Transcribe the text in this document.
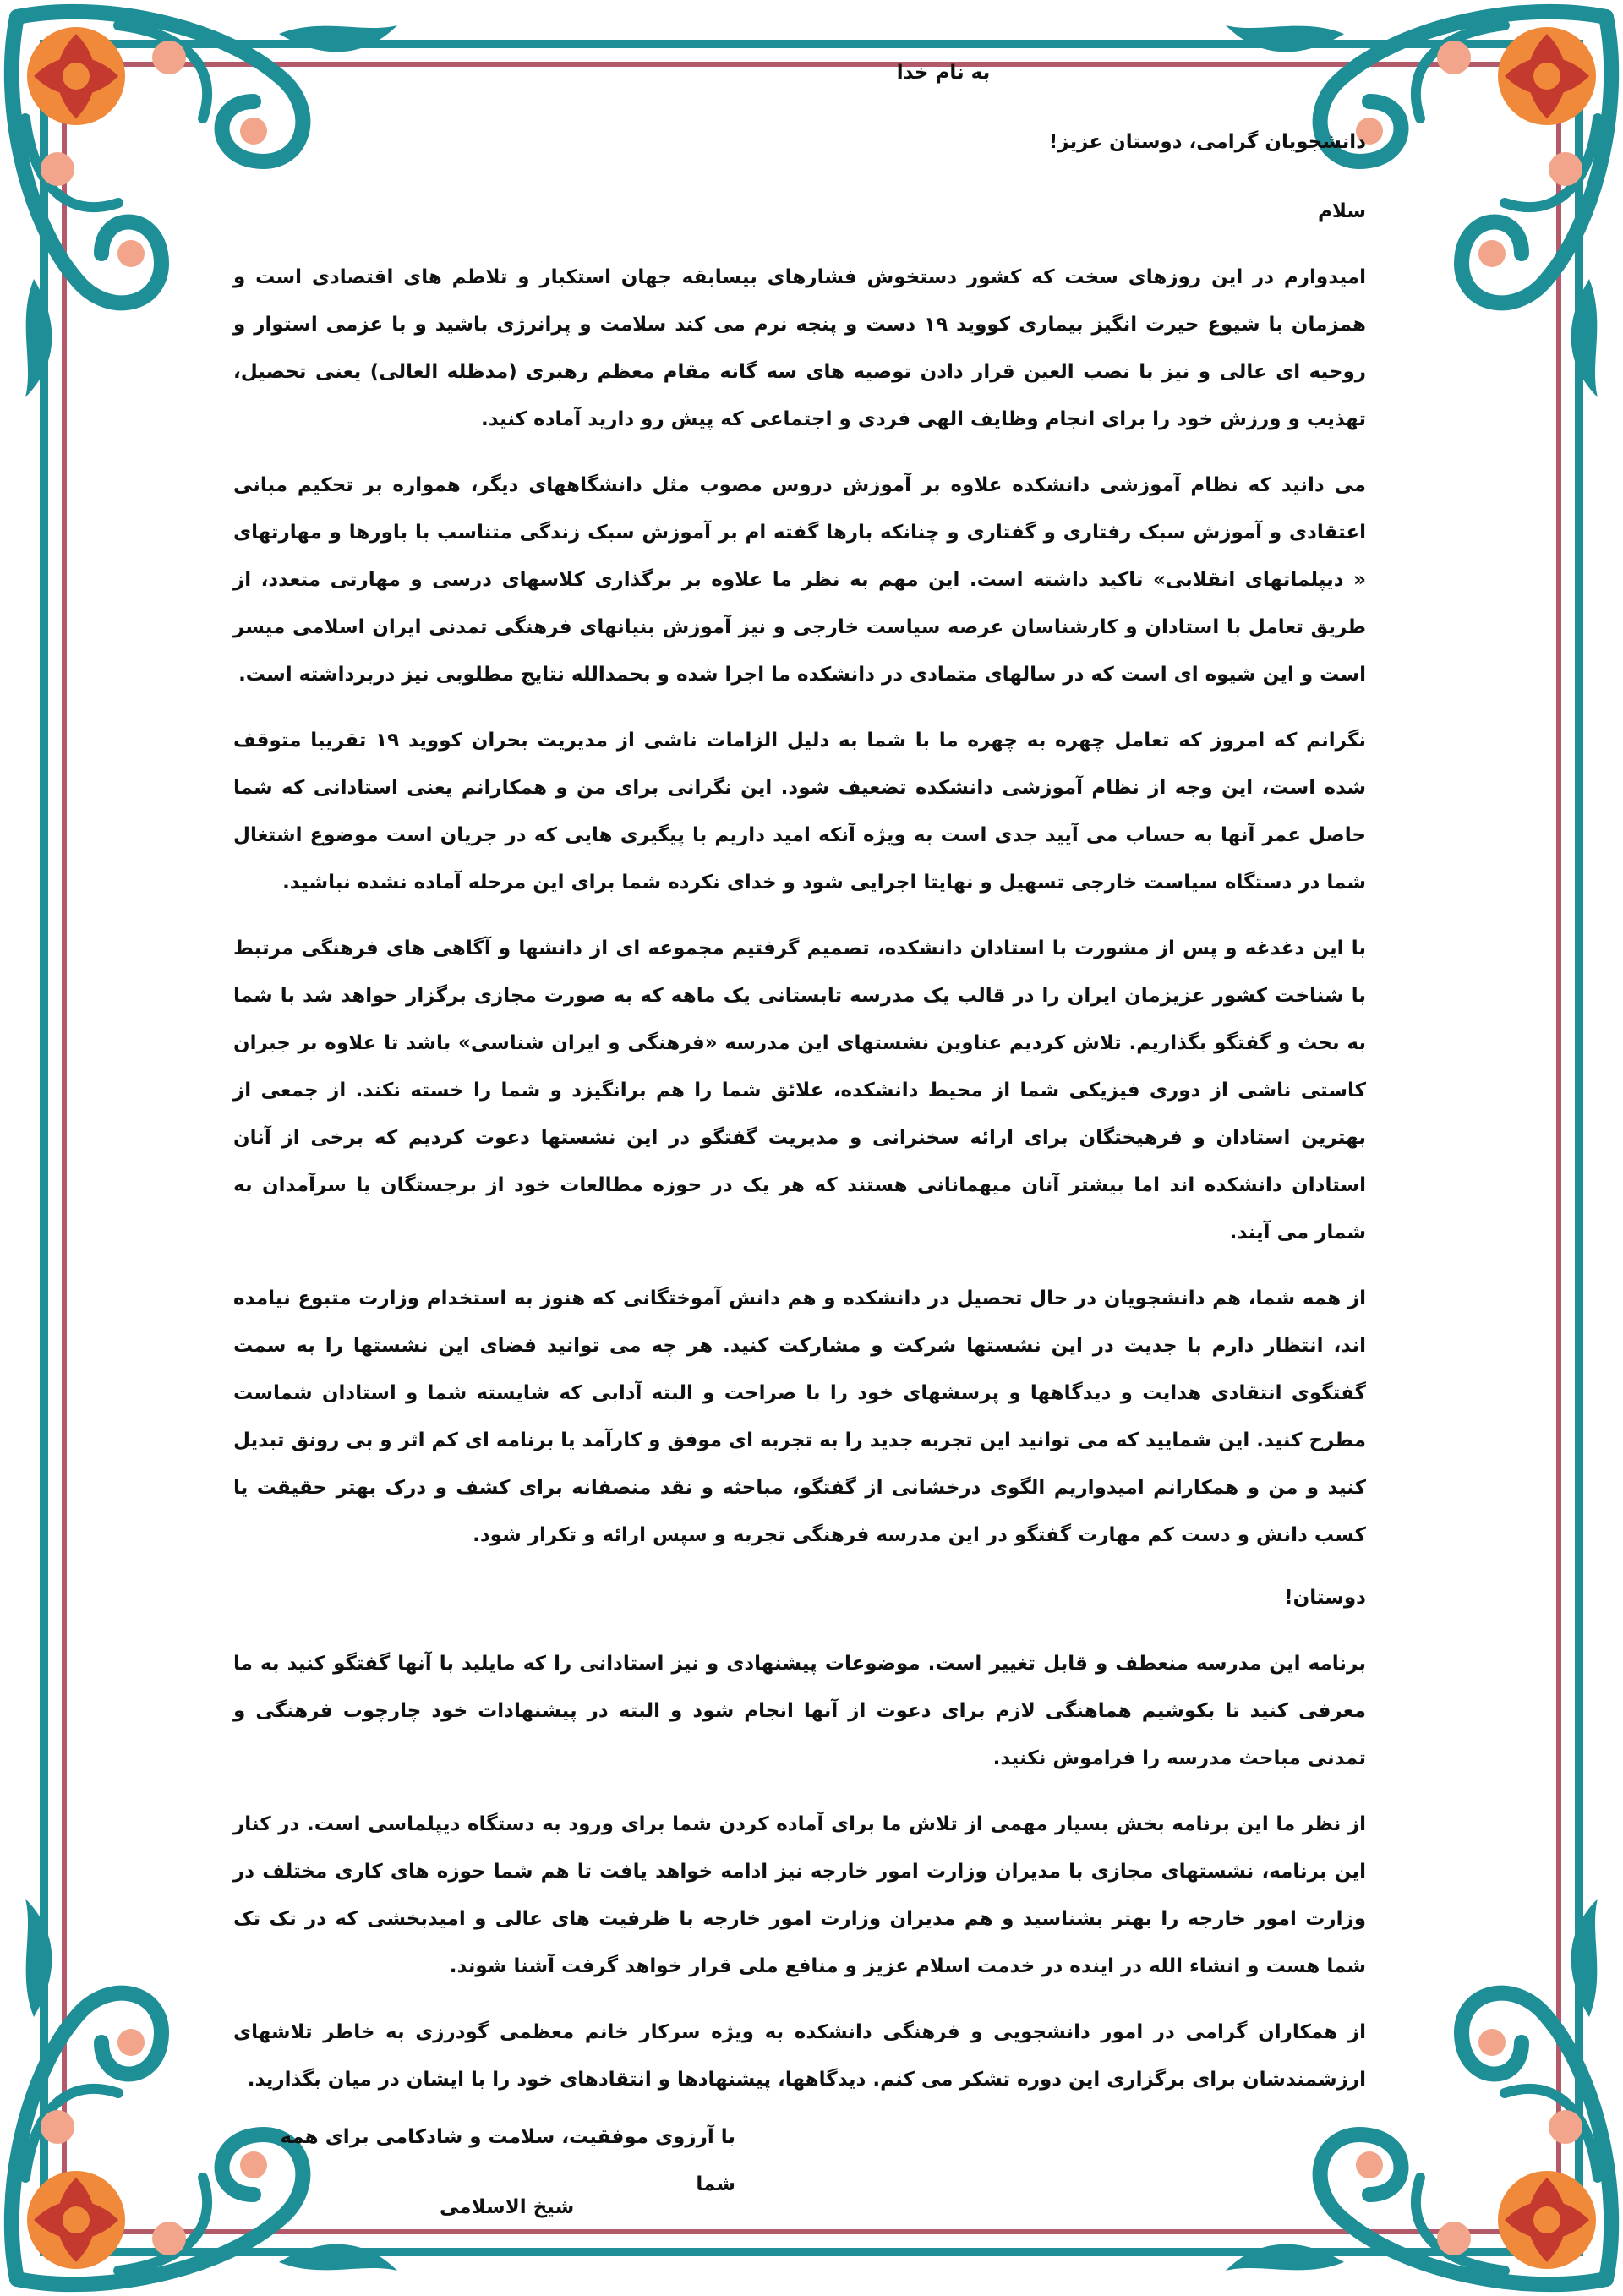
به نام خدا

دانشجویان گرامی، دوستان عزیز!

سلام

امیدوارم در این روزهای سخت که کشور دستخوش فشارهای بیسابقه جهان استکبار و تلاطم های اقتصادی است و همزمان با شیوع حیرت انگیز بیماری کووید ۱۹ دست و پنجه نرم می کند سلامت و پرانرژی باشید و با عزمی استوار و روحیه ای عالی و نیز با نصب العین قرار دادن توصیه های سه گانه مقام معظم رهبری (مدظله العالی) یعنی تحصیل، تهذیب و ورزش خود را برای انجام وظایف الهی فردی و اجتماعی که پیش رو دارید آماده کنید.

می دانید که نظام آموزشی دانشکده علاوه بر آموزش دروس مصوب مثل دانشگاههای دیگر، همواره بر تحکیم مبانی اعتقادی و آموزش سبک رفتاری و گفتاری و چنانکه بارها گفته ام بر آموزش سبک زندگی متناسب با باورها و مهارتهای « دیپلماتهای انقلابی» تاکید داشته است. این مهم به نظر ما علاوه بر برگذاری کلاسهای درسی و مهارتی متعدد، از طریق تعامل با استادان و کارشناسان عرصه سیاست خارجی و نیز آموزش بنیانهای فرهنگی تمدنی ایران اسلامی میسر است و این شیوه ای است که در سالهای متمادی در دانشکده ما اجرا شده و بحمدالله نتایج مطلوبی نیز دربرداشته است.

نگرانم که امروز که تعامل چهره به چهره ما با شما به دلیل الزامات ناشی از مدیریت بحران کووید ۱۹ تقریبا متوقف شده است، این وجه از نظام آموزشی دانشکده تضعیف شود. این نگرانی برای من و همکارانم یعنی استادانی که شما حاصل عمر آنها به حساب می آیید جدی است به ویژه آنکه امید داریم با پیگیری هایی که در جریان است موضوع اشتغال شما در دستگاه سیاست خارجی تسهیل و نهایتا اجرایی شود و خدای نکرده شما برای این مرحله آماده نشده نباشید.

با این دغدغه و پس از مشورت با استادان دانشکده، تصمیم گرفتیم مجموعه ای از دانشها و آگاهی های فرهنگی مرتبط با شناخت کشور عزیزمان ایران را در قالب یک مدرسه تابستانی یک ماهه که به صورت مجازی برگزار خواهد شد با شما به بحث و گفتگو بگذاریم. تلاش کردیم عناوین نشستهای این مدرسه «فرهنگی و ایران شناسی» باشد تا علاوه بر جبران کاستی ناشی از دوری فیزیکی شما از محیط دانشکده، علائق شما را هم برانگیزد و شما را خسته نکند. از جمعی از بهترین استادان و فرهیختگان برای ارائه سخنرانی و مدیریت گفتگو در این نشستها دعوت کردیم که برخی از آنان استادان دانشکده اند اما بیشتر آنان میهمانانی هستند که هر یک در حوزه مطالعات خود از برجستگان یا سرآمدان به شمار می آیند.

از همه شما، هم دانشجویان در حال تحصیل در دانشکده و هم دانش آموختگانی که هنوز به استخدام وزارت متبوع نیامده اند، انتظار دارم با جدیت در این نشستها شرکت و مشارکت کنید. هر چه می توانید فضای این نشستها را به سمت گفتگوی انتقادی هدایت و دیدگاهها و پرسشهای خود را با صراحت و البته آدابی که شایسته شما و استادان شماست مطرح کنید. این شمایید که می توانید این تجربه جدید را به تجربه ای موفق و کارآمد یا برنامه ای کم اثر و بی رونق تبدیل کنید و من و همکارانم امیدواریم الگوی درخشانی از گفتگو، مباحثه و نقد منصفانه برای کشف و درک بهتر حقیقت یا کسب دانش و دست کم مهارت گفتگو در این مدرسه فرهنگی تجربه و سپس ارائه و تکرار شود.

دوستان!

برنامه این مدرسه منعطف و قابل تغییر است. موضوعات پیشنهادی و نیز استادانی را که مایلید با آنها گفتگو کنید به ما معرفی کنید تا بکوشیم هماهنگی لازم برای دعوت از آنها انجام شود و البته در پیشنهادات خود چارچوب فرهنگی و تمدنی مباحث مدرسه را فراموش نکنید.

از نظر ما این برنامه بخش بسیار مهمی از تلاش ما برای آماده کردن شما برای ورود به دستگاه دیپلماسی است. در کنار این برنامه، نشستهای مجازی با مدیران وزارت امور خارجه نیز ادامه خواهد یافت تا هم شما حوزه های کاری مختلف در وزارت امور خارجه را بهتر بشناسید و هم مدیران وزارت امور خارجه با ظرفیت های عالی و امیدبخشی که در تک تک شما هست و انشاء الله در اینده در خدمت اسلام عزیز و منافع ملی قرار خواهد گرفت آشنا شوند.

از همکاران گرامی در امور دانشجویی و فرهنگی دانشکده به ویژه سرکار خانم معظمی گودرزی به خاطر تلاشهای ارزشمندشان برای برگزاری این دوره تشکر می کنم. دیدگاهها، پیشنهادها و انتقادهای خود را با ایشان در میان بگذارید.

با آرزوی موفقیت، سلامت و شادکامی برای همه شما
شیخ الاسلامی
